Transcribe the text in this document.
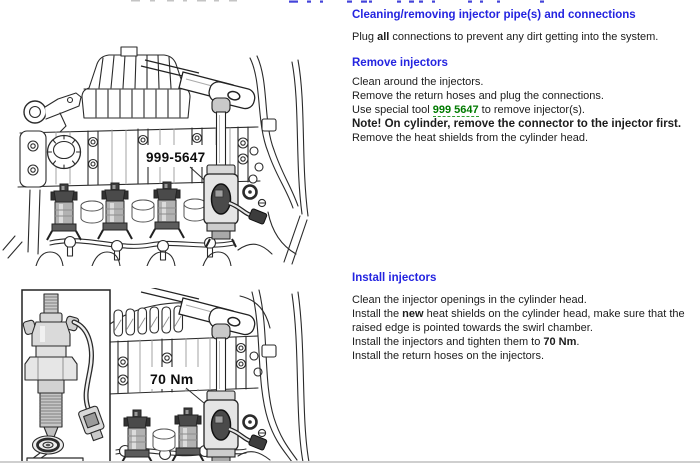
999-5647
70 Nm
Cleaning/removing injector pipe(s) and connections

Plug all connections to prevent any dirt getting into the system.

Remove injectors

Clean around the injectors.

Remove the return hoses and plug the connections.

Use special tool 999 5647 to remove injector(s).

Note! On cylinder, remove the connector to the injector first.

Remove the heat shields from the cylinder head.

Install injectors

Clean the injector openings in the cylinder head.

Install the new heat shields on the cylinder head, make sure that the raised edge is pointed towards the swirl chamber.

Install the injectors and tighten them to 70 Nm.

Install the return hoses on the injectors.
